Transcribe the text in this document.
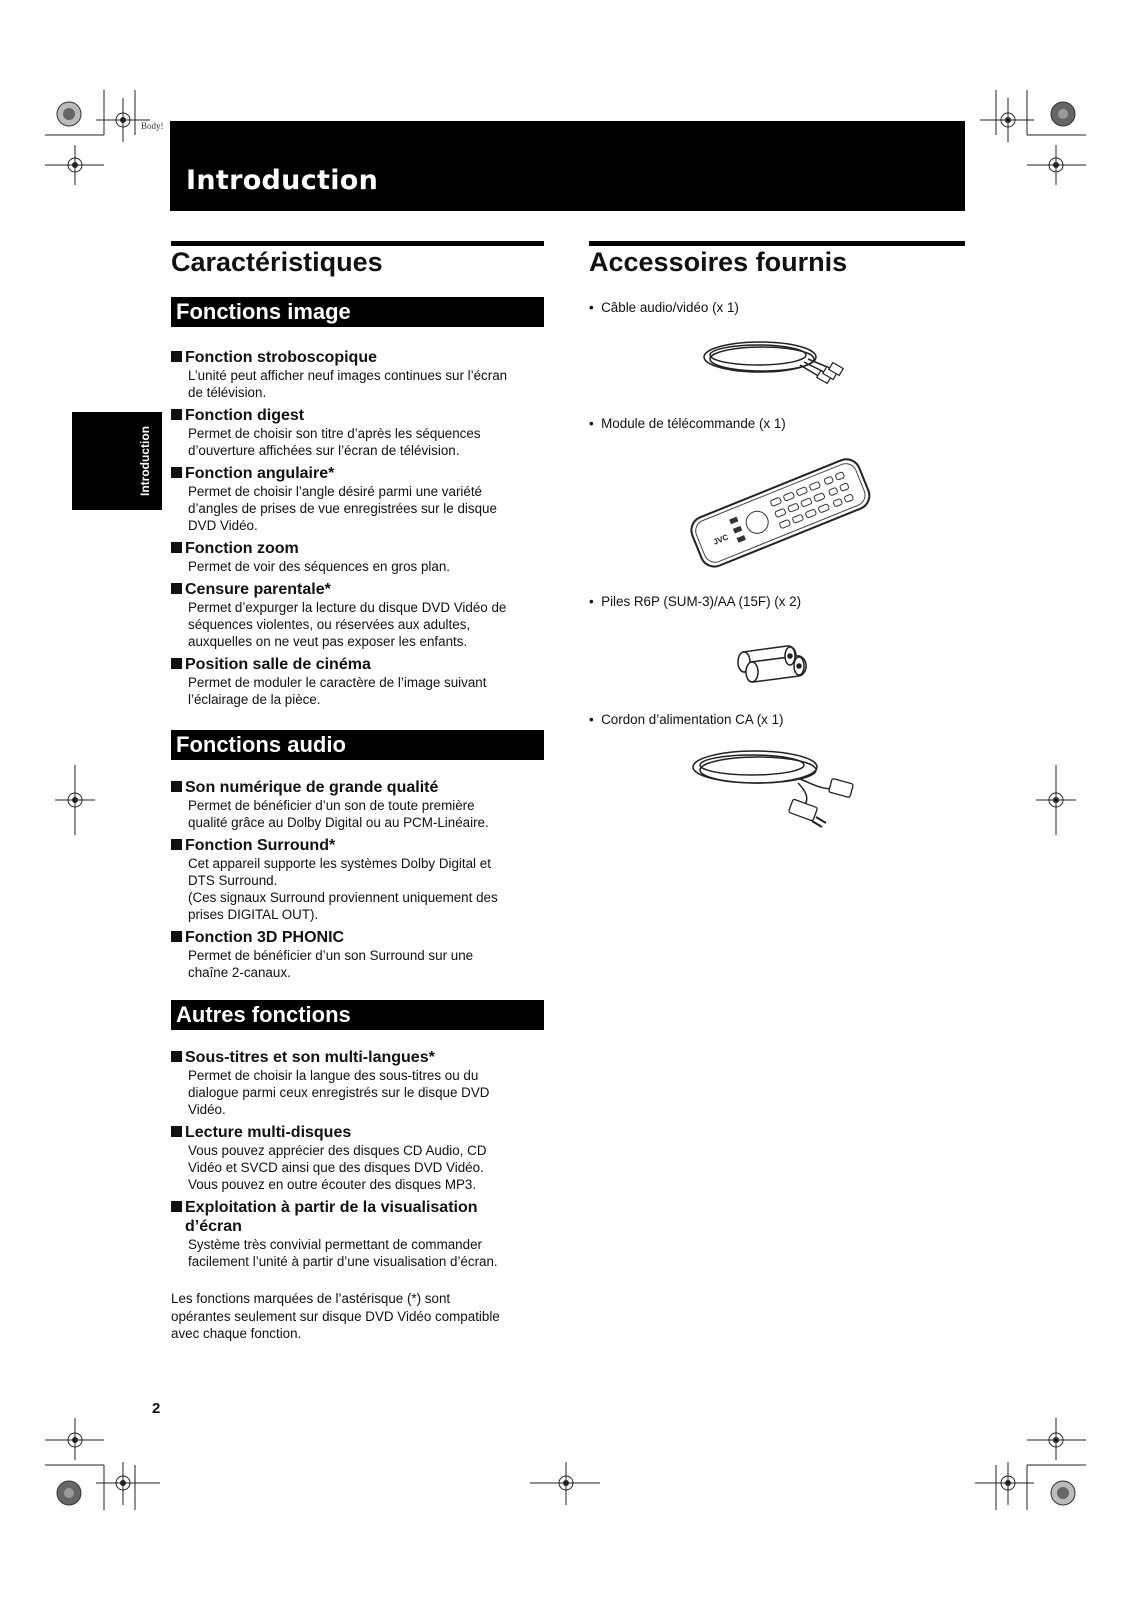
Body!
Introduction
Introduction
Caractéristiques
Fonctions image
Fonction stroboscopique
L’unité peut afficher neuf images continues sur l’écran
de télévision.
Fonction digest
Permet de choisir son titre d’après les séquences
d’ouverture affichées sur l’écran de télévision.
Fonction angulaire*
Permet de choisir l’angle désiré parmi une variété
d’angles de prises de vue enregistrées sur le disque
DVD Vidéo.
Fonction zoom
Permet de voir des séquences en gros plan.
Censure parentale*
Permet d’expurger la lecture du disque DVD Vidéo de
séquences violentes, ou réservées aux adultes,
auxquelles on ne veut pas exposer les enfants.
Position salle de cinéma
Permet de moduler le caractère de l’image suivant
l’éclairage de la pièce.
Fonctions audio
Son numérique de grande qualité
Permet de bénéficier d’un son de toute première
qualité grâce au Dolby Digital ou au PCM-Linéaire.
Fonction Surround*
Cet appareil supporte les systèmes Dolby Digital et
DTS Surround.
(Ces signaux Surround proviennent uniquement des
prises DIGITAL OUT).
Fonction 3D PHONIC
Permet de bénéficier d’un son Surround sur une
chaîne 2-canaux.
Autres fonctions
Sous-titres et son multi-langues*
Permet de choisir la langue des sous-titres ou du
dialogue parmi ceux enregistrés sur le disque DVD
Vidéo.
Lecture multi-disques
Vous pouvez apprécier des disques CD Audio, CD
Vidéo et SVCD ainsi que des disques DVD Vidéo.
Vous pouvez en outre écouter des disques MP3.
Exploitation à partir de la visualisation
d’écran
Système très convivial permettant de commander
facilement l’unité à partir d’une visualisation d’écran.
Les fonctions marquées de l’astérisque (*) sont
opérantes seulement sur disque DVD Vidéo compatible
avec chaque fonction.
Accessoires fournis
•  Câble audio/vidéo (x 1)
•  Module de télécommande (x 1)
JVC
•  Piles R6P (SUM-3)/AA (15F) (x 2)
•  Cordon d’alimentation CA (x 1)
2
